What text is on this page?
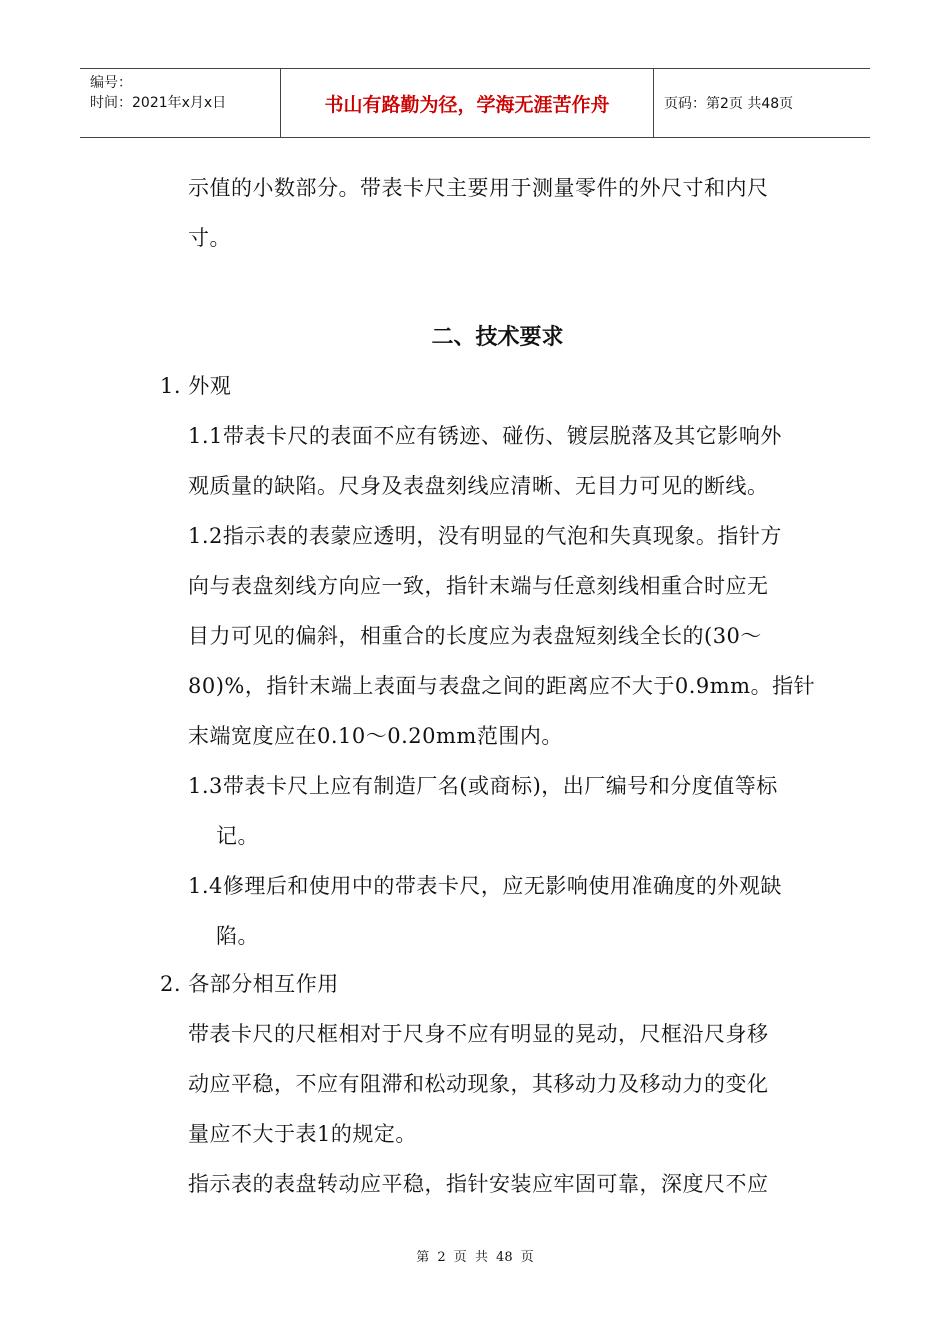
编号：
时间：2021年x月x日	书山有路勤为径，学海无涯苦作舟	页码：第2页 共48页
示值的小数部分。带表卡尺主要用于测量零件的外尺寸和内尺
寸。
二、技术要求
1. 外观
1.1带表卡尺的表面不应有锈迹、碰伤、镀层脱落及其它影响外
观质量的缺陷。尺身及表盘刻线应清晰、无目力可见的断线。
1.2指示表的表蒙应透明，没有明显的气泡和失真现象。指针方
向与表盘刻线方向应一致，指针末端与任意刻线相重合时应无
目力可见的偏斜，相重合的长度应为表盘短刻线全长的(30～
80)%，指针末端上表面与表盘之间的距离应不大于0.9mm。指针
末端宽度应在0.10～0.20mm范围内。
1.3带表卡尺上应有制造厂名(或商标)，出厂编号和分度值等标
记。
1.4修理后和使用中的带表卡尺，应无影响使用准确度的外观缺
陷。
2. 各部分相互作用
带表卡尺的尺框相对于尺身不应有明显的晃动，尺框沿尺身移
动应平稳，不应有阻滞和松动现象，其移动力及移动力的变化
量应不大于表1的规定。
指示表的表盘转动应平稳，指针安装应牢固可靠，深度尺不应
第 2 页 共 48 页
